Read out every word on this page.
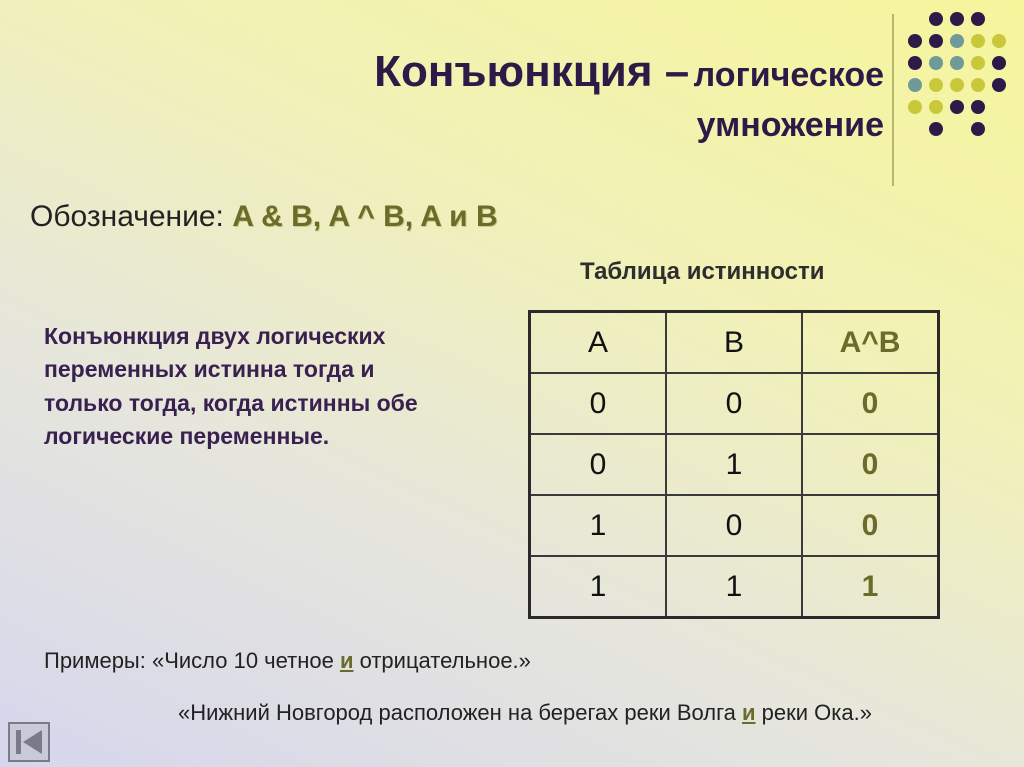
Конъюнкция – логическое
умножение
Обозначение: A & B, A ^ B, A и B
Таблица истинности
Конъюнкция двух логических переменных истинна тогда и только тогда, когда истинны обе логические переменные.
A	B	A^B
0	0	0
0	1	0
1	0	0
1	1	1
Примеры: «Число 10 четное и отрицательное.»
«Нижний Новгород расположен на берегах реки Волга и реки Ока.»
